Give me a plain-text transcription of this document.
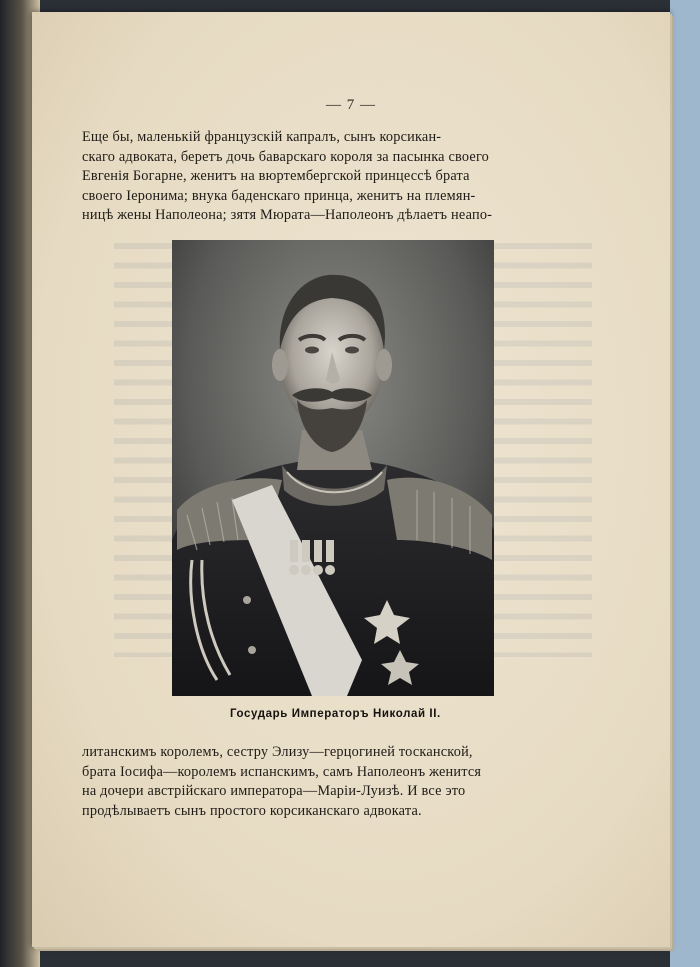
— 7 —

Еще бы, маленькій французскій капралъ, сынъ корсикан-
скаго адвоката, беретъ дочь баварскаго короля за пасынка своего
Евгенія Богарне, женитъ на вюртембергской принцессѣ брата
своего Іеронима; внука баденскаго принца, женитъ на племян-
ницѣ жены Наполеона; зятя Мюрата—Наполеонъ дѣлаетъ неапо-

Государь Императоръ Николай II.

литанскимъ королемъ, сестру Элизу—герцогиней тосканской,
брата Іосифа—королемъ испанскимъ, самъ Наполеонъ женится
на дочери австрійскаго императора—Маріи-Луизѣ. И все это
продѣлываетъ сынъ простого корсиканскаго адвоката.
